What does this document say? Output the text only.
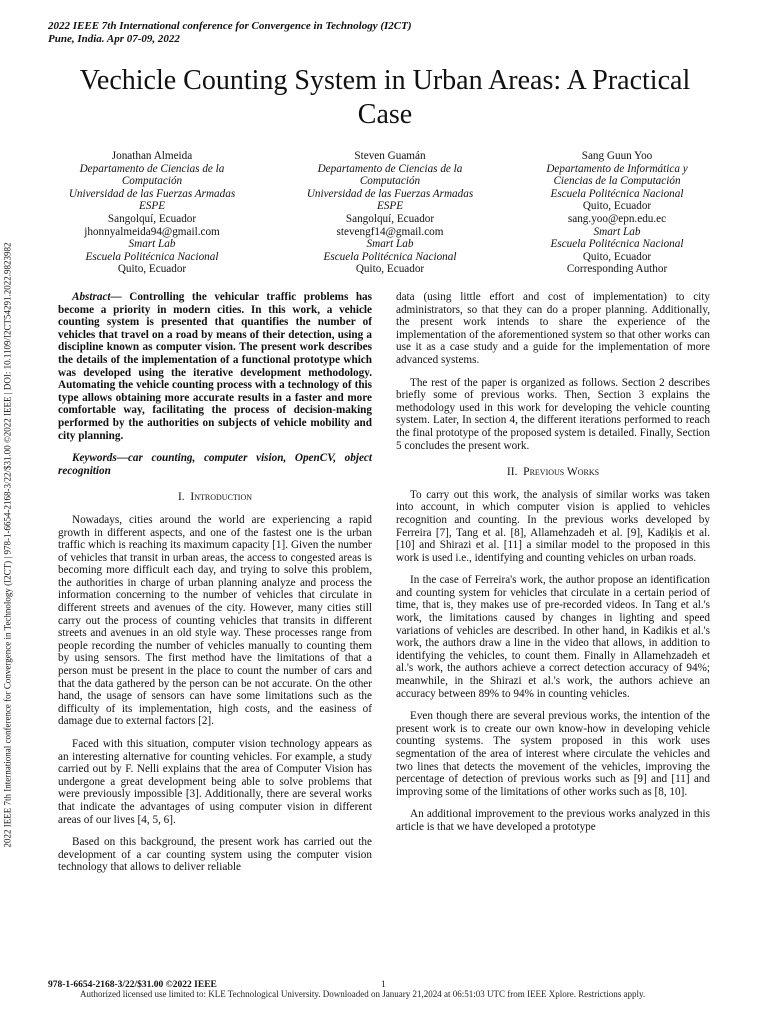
2022 IEEE 7th International conference for Convergence in Technology (I2CT)
Pune, India. Apr 07-09, 2022
2022 IEEE 7th International conference for Convergence in Technology (I2CT) | 978-1-6654-2168-3/22/$31.00 ©2022 IEEE | DOI: 10.1109/I2CT54291.2022.9823982
Vechicle Counting System in Urban Areas: A Practical Case
Jonathan Almeida
Departamento de Ciencias de la
Computación
Universidad de las Fuerzas Armadas
ESPE
Sangolquí, Ecuador
jhonnyalmeida94@gmail.com
Smart Lab
Escuela Politécnica Nacional
Quito, Ecuador
Steven Guamán
Departamento de Ciencias de la
Computación
Universidad de las Fuerzas Armadas
ESPE
Sangolquí, Ecuador
stevengf14@gmail.com
Smart Lab
Escuela Politécnica Nacional
Quito, Ecuador
Sang Guun Yoo
Departamento de Informática y
Ciencias de la Computación
Escuela Politécnica Nacional
Quito, Ecuador
sang.yoo@epn.edu.ec
Smart Lab
Escuela Politécnica Nacional
Quito, Ecuador
Corresponding Author

Abstract— Controlling the vehicular traffic problems has become a priority in modern cities. In this work, a vehicle counting system is presented that quantifies the number of vehicles that travel on a road by means of their detection, using a discipline known as computer vision. The present work describes the details of the implementation of a functional prototype which was developed using the iterative development methodology. Automating the vehicle counting process with a technology of this type allows obtaining more accurate results in a faster and more comfortable way, facilitating the process of decision-making performed by the authorities on subjects of vehicle mobility and city planning.

Keywords—car counting, computer vision, OpenCV, object recognition

I. Introduction

Nowadays, cities around the world are experiencing a rapid growth in different aspects, and one of the fastest one is the urban traffic which is reaching its maximum capacity [1]. Given the number of vehicles that transit in urban areas, the access to congested areas is becoming more difficult each day, and trying to solve this problem, the authorities in charge of urban planning analyze and process the information concerning to the number of vehicles that circulate in different streets and avenues of the city. However, many cities still carry out the process of counting vehicles that transits in different streets and avenues in an old style way. These processes range from people recording the number of vehicles manually to counting them by using sensors. The first method have the limitations of that a person must be present in the place to count the number of cars and that the data gathered by the person can be not accurate. On the other hand, the usage of sensors can have some limitations such as the difficulty of its implementation, high costs, and the easiness of damage due to external factors [2].

Faced with this situation, computer vision technology appears as an interesting alternative for counting vehicles. For example, a study carried out by F. Nelli explains that the area of Computer Vision has undergone a great development being able to solve problems that were previously impossible [3]. Additionally, there are several works that indicate the advantages of using computer vision in different areas of our lives [4, 5, 6].

Based on this background, the present work has carried out the development of a car counting system using the computer vision technology that allows to deliver reliable

data (using little effort and cost of implementation) to city administrators, so that they can do a proper planning. Additionally, the present work intends to share the experience of the implementation of the aforementioned system so that other works can use it as a case study and a guide for the implementation of more advanced systems.

The rest of the paper is organized as follows. Section 2 describes briefly some of previous works. Then, Section 3 explains the methodology used in this work for developing the vehicle counting system. Later, In section 4, the different iterations performed to reach the final prototype of the proposed system is detailed. Finally, Section 5 concludes the present work.

II. Previous Works

To carry out this work, the analysis of similar works was taken into account, in which computer vision is applied to vehicles recognition and counting. In the previous works developed by Ferreira [7], Tang et al. [8], Allamehzadeh et al. [9], Kadiķis et al. [10] and Shirazi et al. [11] a similar model to the proposed in this work is used i.e., identifying and counting vehicles on urban roads.

In the case of Ferreira's work, the author propose an identification and counting system for vehicles that circulate in a certain period of time, that is, they makes use of pre-recorded videos. In Tang et al.'s work, the limitations caused by changes in lighting and speed variations of vehicles are described. In other hand, in Kadikis et al.'s work, the authors draw a line in the video that allows, in addition to identifying the vehicles, to count them. Finally in Allamehzadeh et al.'s work, the authors achieve a correct detection accuracy of 94%; meanwhile, in the Shirazi et al.'s work, the authors achieve an accuracy between 89% to 94% in counting vehicles.

Even though there are several previous works, the intention of the present work is to create our own know-how in developing vehicle counting systems. The system proposed in this work uses segmentation of the area of interest where circulate the vehicles and two lines that detects the movement of the vehicles, improving the percentage of detection of previous works such as [9] and [11] and improving some of the limitations of other works such as [8, 10].

An additional improvement to the previous works analyzed in this article is that we have developed a prototype

978-1-6654-2168-3/22/$31.00 ©2022 IEEE	1
Authorized licensed use limited to: KLE Technological University. Downloaded on January 21,2024 at 06:51:03 UTC from IEEE Xplore. Restrictions apply.
